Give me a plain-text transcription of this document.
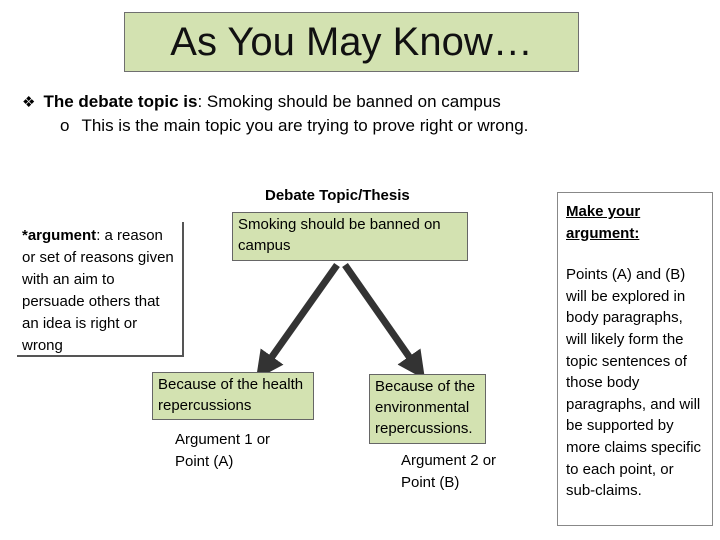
As You May Know…
❖ The debate topic is: Smoking should be banned on campus
o This is the main topic you are trying to prove right or wrong.
Debate Topic/Thesis
Smoking should be banned on campus
*argument: a reason or set of reasons given with an aim to persuade others that an idea is right or wrong
Because of the health repercussions
Because of the environmental repercussions.
Argument 1 or Point (A)	Argument 2 or Point (B)
Make your argument:
Points (A) and (B) will be explored in body paragraphs, will likely form the topic sentences of those body paragraphs, and will be supported by more claims specific to each point, or sub-claims.
